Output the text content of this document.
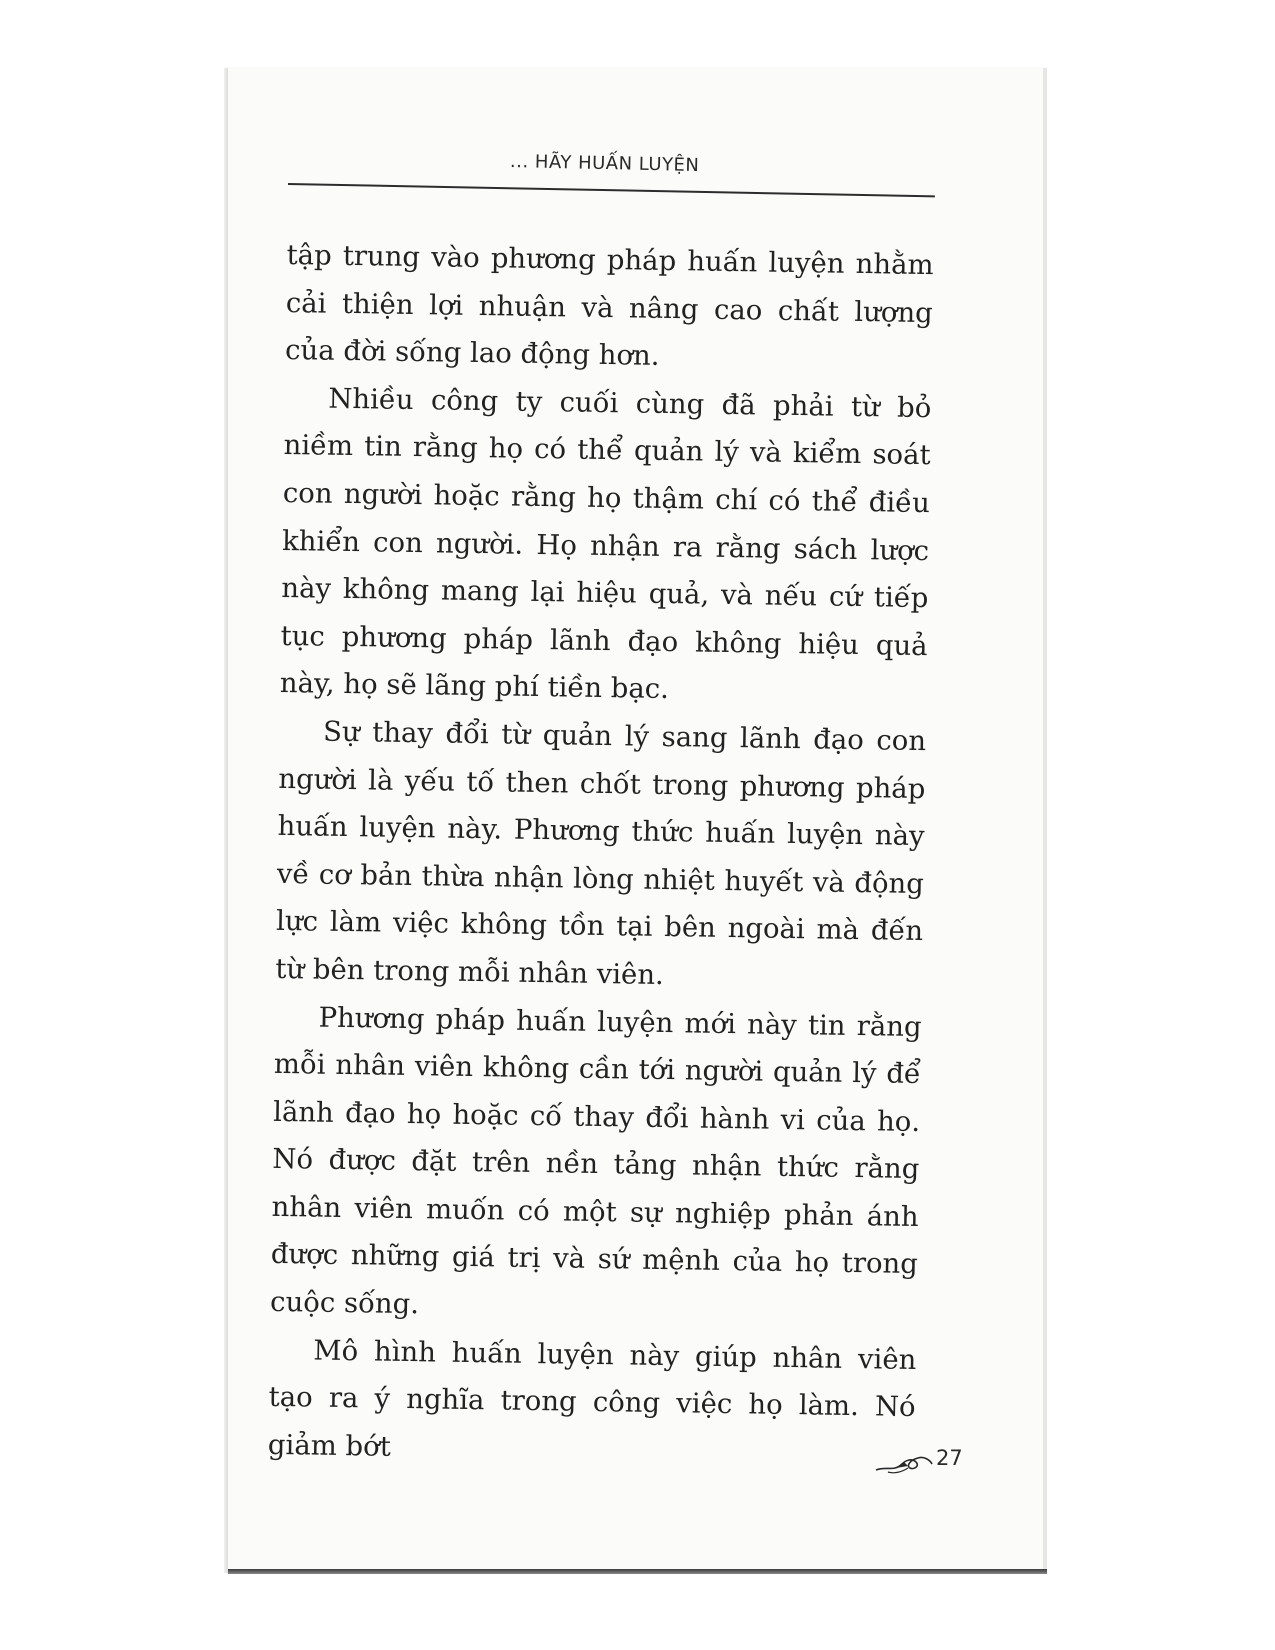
... HÃY HUẤN LUYỆN

tập trung vào phương pháp huấn luyện nhằm cải thiện lợi nhuận và nâng cao chất lượng của đời sống lao động hơn.

Nhiều công ty cuối cùng đã phải từ bỏ niềm tin rằng họ có thể quản lý và kiểm soát con người hoặc rằng họ thậm chí có thể điều khiển con người. Họ nhận ra rằng sách lược này không mang lại hiệu quả, và nếu cứ tiếp tục phương pháp lãnh đạo không hiệu quả này, họ sẽ lãng phí tiền bạc.

Sự thay đổi từ quản lý sang lãnh đạo con người là yếu tố then chốt trong phương pháp huấn luyện này. Phương thức huấn luyện này về cơ bản thừa nhận lòng nhiệt huyết và động lực làm việc không tồn tại bên ngoài mà đến từ bên trong mỗi nhân viên.

Phương pháp huấn luyện mới này tin rằng mỗi nhân viên không cần tới người quản lý để lãnh đạo họ hoặc cố thay đổi hành vi của họ. Nó được đặt trên nền tảng nhận thức rằng nhân viên muốn có một sự nghiệp phản ánh được những giá trị và sứ mệnh của họ trong cuộc sống.

Mô hình huấn luyện này giúp nhân viên tạo ra ý nghĩa trong công việc họ làm. Nó giảm bớt	27
